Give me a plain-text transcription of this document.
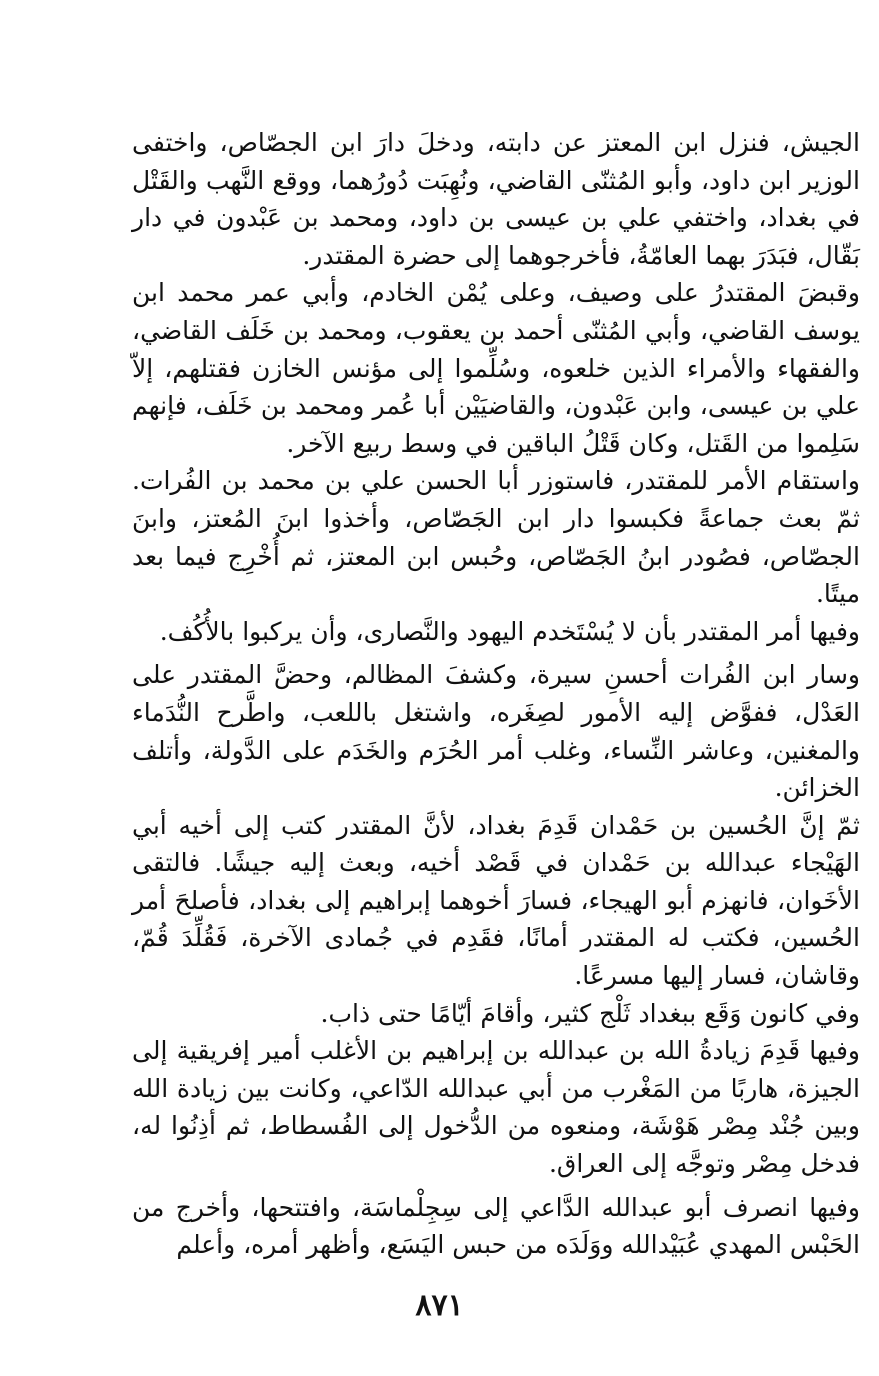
الجيش، فنزل ابن المعتز عن دابته، ودخلَ دارَ ابن الجصّاص، واختفى الوزير ابن داود، وأبو المُثنّى القاضي، ونُهِبَت دُورُهما، ووقع النَّهب والقَتْل في بغداد، واختفي علي بن عيسى بن داود، ومحمد بن عَبْدون في دار بَقّال، فبَدَرَ بهما العامّةُ، فأخرجوهما إلى حضرة المقتدر.

وقبضَ المقتدرُ على وصيف، وعلى يُمْن الخادم، وأبي عمر محمد ابن يوسف القاضي، وأبي المُثنّى أحمد بن يعقوب، ومحمد بن خَلَف القاضي، والفقهاء والأمراء الذين خلعوه، وسُلِّموا إلى مؤنس الخازن فقتلهم، إلاّ علي بن عيسى، وابن عَبْدون، والقاضيَيْن أبا عُمر ومحمد بن خَلَف، فإنهم سَلِموا من القَتل، وكان قَتْلُ الباقين في وسط ربيع الآخر.

واستقام الأمر للمقتدر، فاستوزر أبا الحسن علي بن محمد بن الفُرات. ثمّ بعث جماعةً فكبسوا دار ابن الجَصّاص، وأخذوا ابنَ المُعتز، وابنَ الجصّاص، فصُودر ابنُ الجَصّاص، وحُبس ابن المعتز، ثم أُخْرِج فيما بعد ميتًا.

وفيها أمر المقتدر بأن لا يُسْتَخدم اليهود والنَّصارى، وأن يركبوا بالأُكُف.

وسار ابن الفُرات أحسنِ سيرة، وكشفَ المظالم، وحضَّ المقتدر على العَدْل، ففوَّض إليه الأمور لصِغَره، واشتغل باللعب، واطَّرح النُّدَماء والمغنين، وعاشر النِّساء، وغلب أمر الحُرَم والخَدَم على الدَّولة، وأتلف الخزائن.

ثمّ إنَّ الحُسين بن حَمْدان قَدِمَ بغداد، لأنَّ المقتدر كتب إلى أخيه أبي الهَيْجاء عبدالله بن حَمْدان في قَصْد أخيه، وبعث إليه جيشًا. فالتقى الأخَوان، فانهزم أبو الهيجاء، فسارَ أخوهما إبراهيم إلى بغداد، فأصلحَ أمر الحُسين، فكتب له المقتدر أمانًا، فقَدِم في جُمادى الآخرة، فَقُلِّدَ قُمّ، وقاشان، فسار إليها مسرعًا.

وفي كانون وَقَع ببغداد ثَلْج كثير، وأقامَ أيّامًا حتى ذاب.

وفيها قَدِمَ زيادةُ الله بن عبدالله بن إبراهيم بن الأغلب أمير إفريقية إلى الجيزة، هاربًا من المَغْرب من أبي عبدالله الدّاعي، وكانت بين زيادة الله وبين جُنْد مِصْر هَوْشَة، ومنعوه من الدُّخول إلى الفُسطاط، ثم أذِنُوا له، فدخل مِصْر وتوجَّه إلى العراق.

وفيها انصرف أبو عبدالله الدَّاعي إلى سِجِلْماسَة، وافتتحها، وأخرج من الحَبْس المهدي عُبَيْدالله ووَلَدَه من حبس اليَسَع، وأظهر أمره، وأعلم

٨٧١
